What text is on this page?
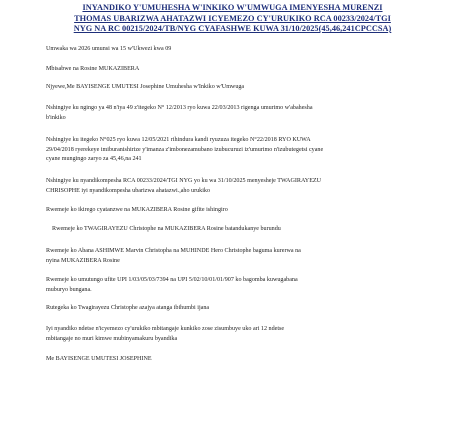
INYANDIKO Y'UMUHESHA W'INKIKO W'UMWUGA IMENYESHA MURENZI
THOMAS UBARIZWA AHATAZWI ICYEMEZO CY'URUKIKO RCA 00233/2024/TGI
NYG NA RC 00215/2024/TB/NYG CYAFASHWE KUWA 31/10/2025(45,46,241CPCCSA)
Umwaka wa 2026 umunsi wa 15 w'Ukwezi kwa 09
Mbisabwe na Rosine MUKAZIBERA
Njyewe,Me BAYISENGE UMUTESI Josephine Umuhesha w'Inkiko w'Umwuga
Nshingiye ku ngingo ya 48 n'iya 49 z'itegeko N° 12/2013 ryo kuwa 22/03/2013 rigenga umurimo w'abahesha
b'inkiko
Nshingiye ku itegeko N°025 ryo kuwa 12/05/2021 rihindura kandi ryuzuza itegeko N°22/2018 RYO KUWA
29/04/2018 ryerekeye imiburanishirize y'imanza z'imbonezamubano izubucuruzi iz'umurimo n'izubutegetsi cyane
cyane mungingo zaryo za 45,46,na 241
Nshingiye ku nyandikompesha RCA 00233/2024/TGI NYG yo ku wa 31/10/2025 menyesheje TWAGIRAYEZU
CHRISOPHE iyi nyandikompesha ubarizwa ahatazwi.,aho urukiko
Rwemeje ko ikirego cyatanzwe na MUKAZIBERA Rosine gifite ishingiro
Rwemeje ko TWAGIRAYEZU Christophe na MUKAZIBERA Rosine batandukanye burundu
Rwemeje ko Abana ASHIMWE Marvin Christopha na MUHINDE Hero Christophe baguma kurerwa na
nyina MUKAZIBERA Rosine
Rwemeje ko umutungo ufite UPI 1/03/05/03/7394 na UPI 5/02/10/01/01/907 ko bagomba kuwugabana
muburyo bungana.
Rutegeka ko Twagirayezu Christophe azajya atanga ibihumbi ijana
Iyi nyandiko ndetse n'icyemezo cy'urukiko mbitangaje kunkiko zose zisumbuye uko ari 12 ndetse
mbitangaje no muri kimwe mubinyamakuru byandika
Me BAYISENGE UMUTESI JOSEPHINE
